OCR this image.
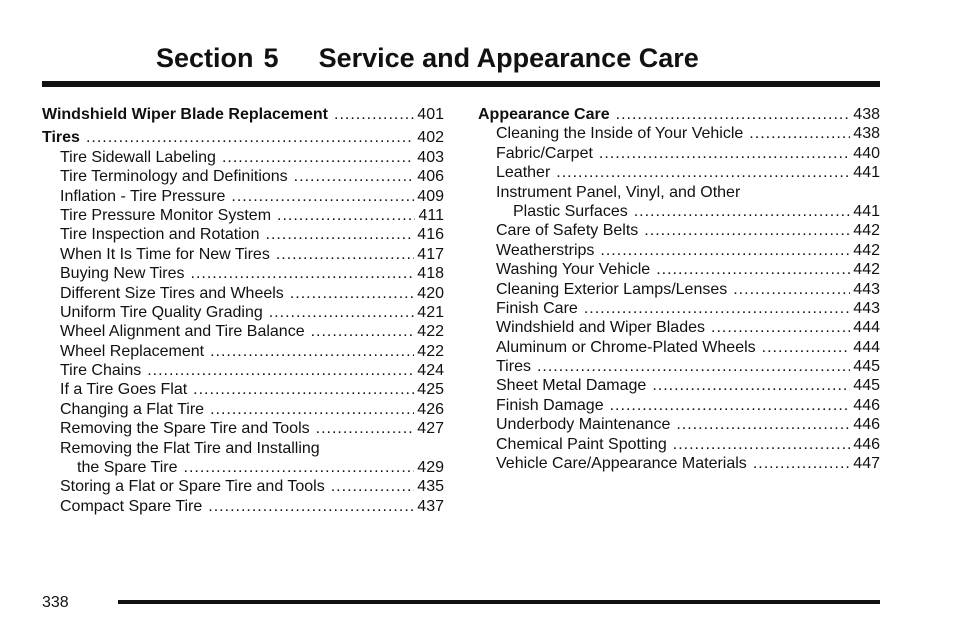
Section 5 Service and Appearance Care
Windshield Wiper Blade Replacement .....	401
Tires .....	402
Tire Sidewall Labeling .....	403
Tire Terminology and Definitions .....	406
Inflation - Tire Pressure .....	409
Tire Pressure Monitor System .....	411
Tire Inspection and Rotation .....	416
When It Is Time for New Tires .....	417
Buying New Tires .....	418
Different Size Tires and Wheels .....	420
Uniform Tire Quality Grading .....	421
Wheel Alignment and Tire Balance .....	422
Wheel Replacement .....	422
Tire Chains .....	424
If a Tire Goes Flat .....	425
Changing a Flat Tire .....	426
Removing the Spare Tire and Tools .....	427
Removing the Flat Tire and Installing
the Spare Tire .....	429
Storing a Flat or Spare Tire and Tools .....	435
Compact Spare Tire .....	437
Appearance Care .....	438
Cleaning the Inside of Your Vehicle .....	438
Fabric/Carpet .....	440
Leather .....	441
Instrument Panel, Vinyl, and Other
Plastic Surfaces .....	441
Care of Safety Belts .....	442
Weatherstrips .....	442
Washing Your Vehicle .....	442
Cleaning Exterior Lamps/Lenses .....	443
Finish Care .....	443
Windshield and Wiper Blades .....	444
Aluminum or Chrome-Plated Wheels .....	444
Tires .....	445
Sheet Metal Damage .....	445
Finish Damage .....	446
Underbody Maintenance .....	446
Chemical Paint Spotting .....	446
Vehicle Care/Appearance Materials .....	447
338
